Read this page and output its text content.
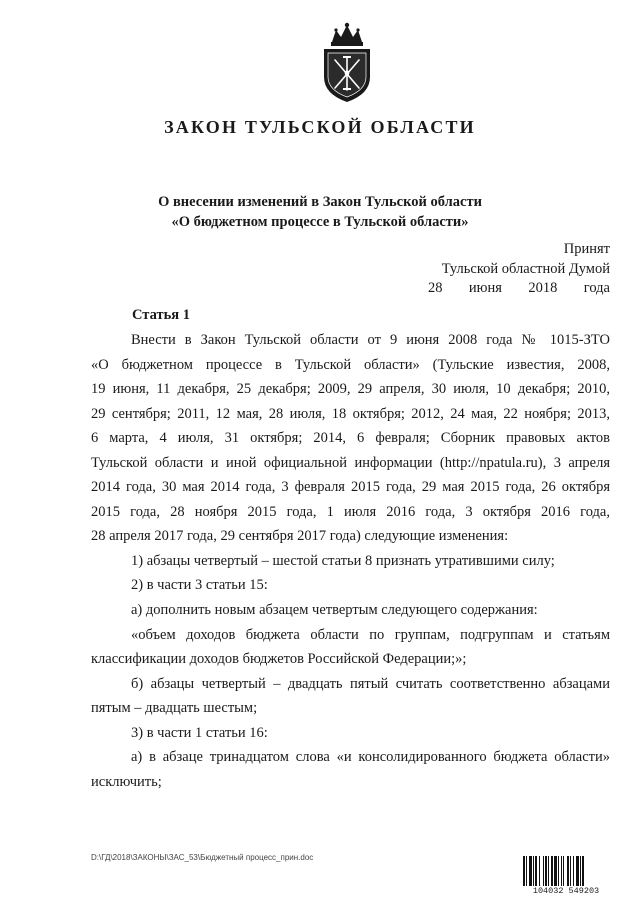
ЗАКОН ТУЛЬСКОЙ ОБЛАСТИ
О внесении изменений в Закон Тульской области
«О бюджетном процессе в Тульской области»
Принят
Тульской областной Думой
28 июня 2018 года
Статья 1
Внести в Закон Тульской области от 9 июня 2008 года № 1015-ЗТО
«О бюджетном процессе в Тульской области» (Тульские известия, 2008,
19 июня, 11 декабря, 25 декабря; 2009, 29 апреля, 30 июля, 10 декабря; 2010,
29 сентября; 2011, 12 мая, 28 июля, 18 октября; 2012, 24 мая, 22 ноября; 2013,
6 марта, 4 июля, 31 октября; 2014, 6 февраля; Сборник правовых актов
Тульской области и иной официальной информации (http://npatula.ru), 3 апреля
2014 года, 30 мая 2014 года, 3 февраля 2015 года, 29 мая 2015 года, 26 октября
2015 года, 28 ноября 2015 года, 1 июля 2016 года, 3 октября 2016 года,
28 апреля 2017 года, 29 сентября 2017 года) следующие изменения:
1) абзацы четвертый – шестой статьи 8 признать утратившими силу;
2) в части 3 статьи 15:
а) дополнить новым абзацем четвертым следующего содержания:
«объем доходов бюджета области по группам, подгруппам и статьям
классификации доходов бюджетов Российской Федерации;»;
б) абзацы четвертый – двадцать пятый считать соответственно абзацами
пятым – двадцать шестым;
3) в части 1 статьи 16:
а) в абзаце тринадцатом слова «и консолидированного бюджета области»
исключить;
D:\ГД\2018\ЗАКОНЫ\ЗАС_53\Бюджетный процесс_прин.doc
104032 549203
